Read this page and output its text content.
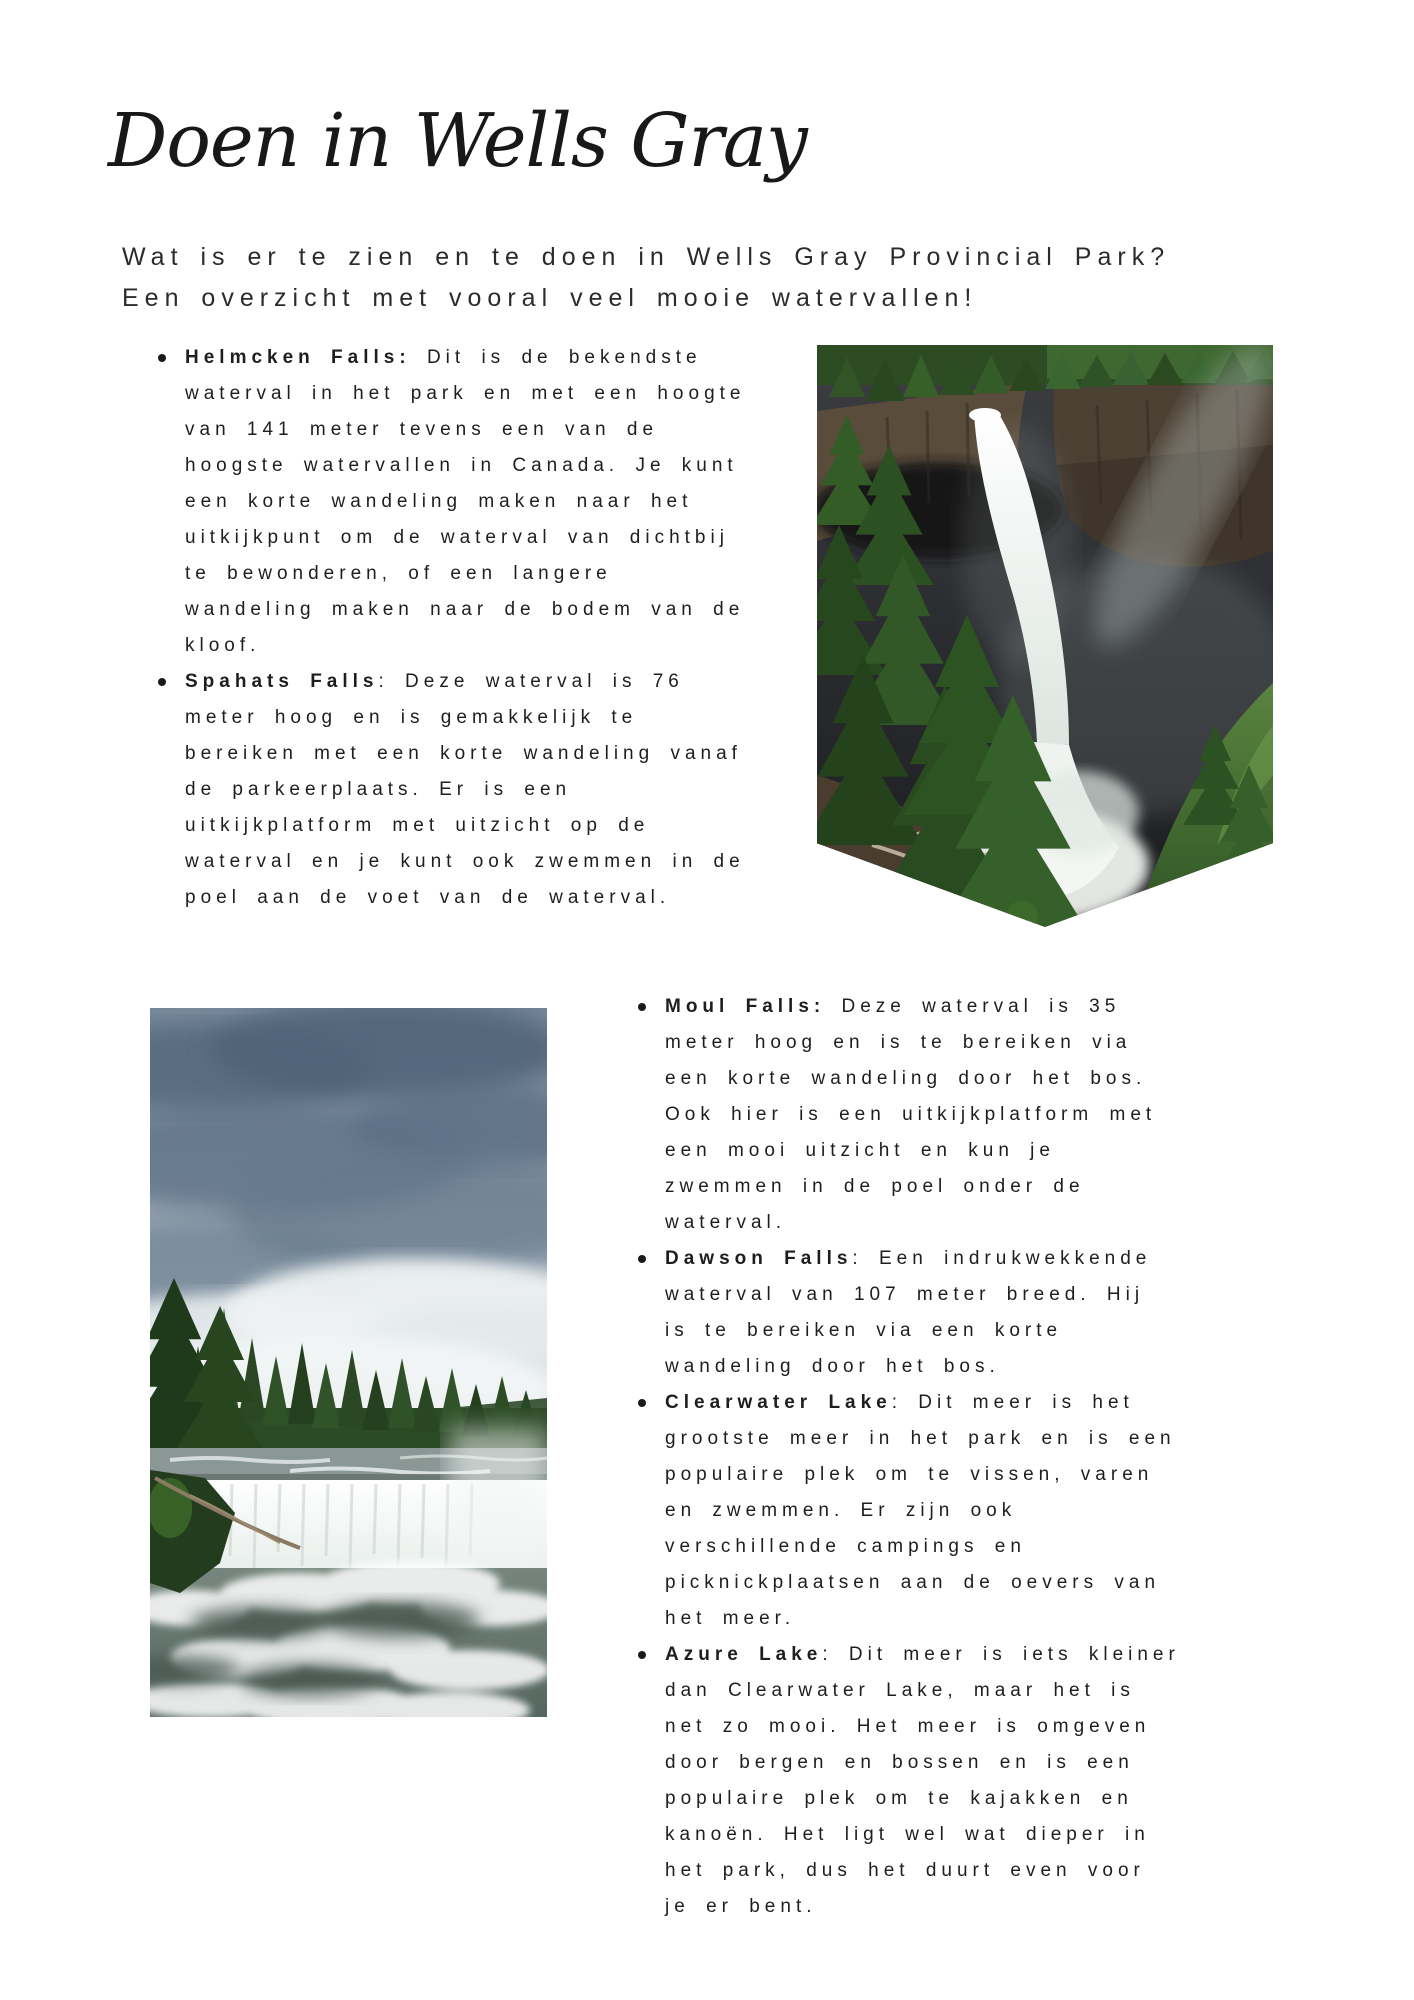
Doen in Wells Gray

Wat is er te zien en te doen in Wells Gray Provincial Park?
Een overzicht met vooral veel mooie watervallen!

Helmcken Falls: Dit is de bekendste waterval in het park en met een hoogte van 141 meter tevens een van de hoogste watervallen in Canada. Je kunt een korte wandeling maken naar het uitkijkpunt om de waterval van dichtbij te bewonderen, of een langere wandeling maken naar de bodem van de kloof.
Spahats Falls: Deze waterval is 76 meter hoog en is gemakkelijk te bereiken met een korte wandeling vanaf de parkeerplaats. Er is een uitkijkplatform met uitzicht op de waterval en je kunt ook zwemmen in de poel aan de voet van de waterval.
Moul Falls: Deze waterval is 35 meter hoog en is te bereiken via een korte wandeling door het bos. Ook hier is een uitkijkplatform met een mooi uitzicht en kun je zwemmen in de poel onder de waterval.
Dawson Falls: Een indrukwekkende waterval van 107 meter breed. Hij is te bereiken via een korte wandeling door het bos.
Clearwater Lake: Dit meer is het grootste meer in het park en is een populaire plek om te vissen, varen en zwemmen. Er zijn ook verschillende campings en picknickplaatsen aan de oevers van het meer.
Azure Lake: Dit meer is iets kleiner dan Clearwater Lake, maar het is net zo mooi. Het meer is omgeven door bergen en bossen en is een populaire plek om te kajakken en kanoën. Het ligt wel wat dieper in het park, dus het duurt even voor je er bent.
